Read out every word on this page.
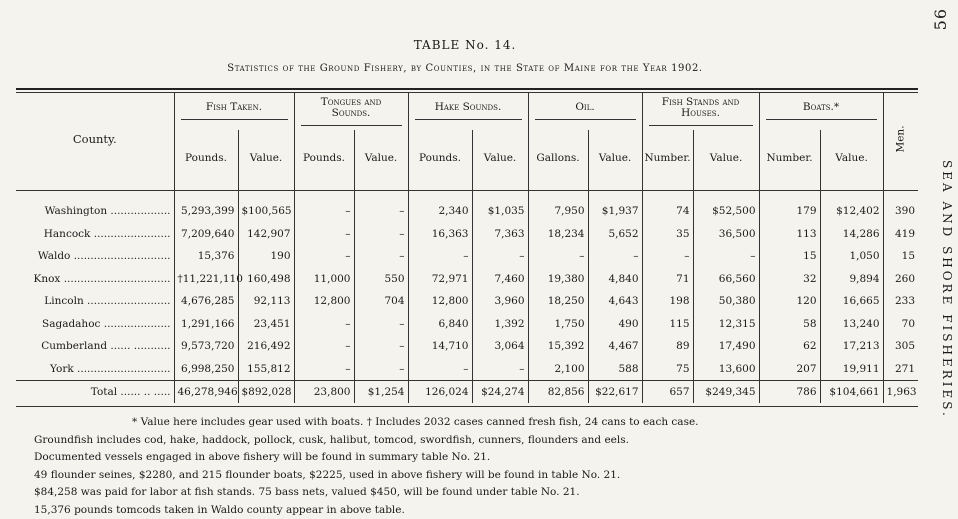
56
SEA AND SHORE FISHERIES.
TABLE No. 14.
Statistics of the Ground Fishery, by Counties, in the State of Maine for the Year 1902.
County.	Fish Taken.		Tongues and Sounds.		Hake Sounds.		Oil.		Fish Stands and Houses.		Boats.*		Men.
	Pounds.	Value.	Pounds.	Value.	Pounds.	Value.	Gallons.	Value.	Number.	Value.	Number.	Value.	
Washington ..................	5,293,399	$100,565	–	–	2,340	$1,035	7,950	$1,937	74	$52,500	179	$12,402	390
Hancock .......................	7,209,640	142,907	–	–	16,363	7,363	18,234	5,652	35	36,500	113	14,286	419
Waldo .............................	15,376	190	–	–	–	–	–	–	–	–	15	1,050	15
Knox ................................	†11,221,110	160,498	11,000	550	72,971	7,460	19,380	4,840	71	66,560	32	9,894	260
Lincoln .........................	4,676,285	92,113	12,800	704	12,800	3,960	18,250	4,643	198	50,380	120	16,665	233
Sagadahoc ....................	1,291,166	23,451	–	–	6,840	1,392	1,750	490	115	12,315	58	13,240	70
Cumberland ...... ...........	9,573,720	216,492	–	–	14,710	3,064	15,392	4,467	89	17,490	62	17,213	305
York ............................	6,998,250	155,812	–	–	–	–	2,100	588	75	13,600	207	19,911	271
Total ...... .. .....	46,278,946	$892,028	23,800	$1,254	126,024	$24,274	82,856	$22,617	657	$249,345	786	$104,661	1,963
* Value here includes gear used with boats. † Includes 2032 cases canned fresh fish, 24 cans to each case.
Groundfish includes cod, hake, haddock, pollock, cusk, halibut, tomcod, swordfish, cunners, flounders and eels.
Documented vessels engaged in above fishery will be found in summary table No. 21.
49 flounder seines, $2280, and 215 flounder boats, $2225, used in above fishery will be found in table No. 21.
$84,258 was paid for labor at fish stands. 75 bass nets, valued $450, will be found under table No. 21.
15,376 pounds tomcods taken in Waldo county appear in above table.
